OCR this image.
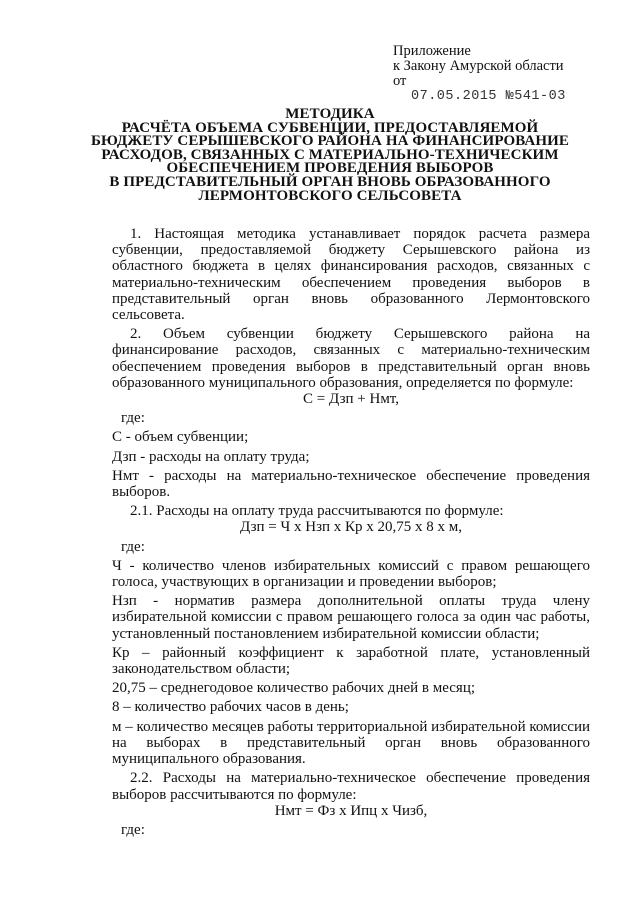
Приложение
к Закону Амурской области
от
07.05.2015 №541-03
МЕТОДИКА
РАСЧЁТА ОБЪЕМА СУБВЕНЦИИ, ПРЕДОСТАВЛЯЕМОЙ
БЮДЖЕТУ СЕРЫШЕВСКОГО РАЙОНА НА ФИНАНСИРОВАНИЕ
РАСХОДОВ, СВЯЗАННЫХ С МАТЕРИАЛЬНО-ТЕХНИЧЕСКИМ
ОБЕСПЕЧЕНИЕМ ПРОВЕДЕНИЯ ВЫБОРОВ
В ПРЕДСТАВИТЕЛЬНЫЙ ОРГАН ВНОВЬ ОБРАЗОВАННОГО
ЛЕРМОНТОВСКОГО СЕЛЬСОВЕТА

1. Настоящая методика устанавливает порядок расчета размера субвенции, предоставляемой бюджету Серышевского района из областного бюджета в целях финансирования расходов, связанных с материально-техническим обеспечением проведения выборов в представительный орган вновь образованного Лермонтовского сельсовета.

2. Объем субвенции бюджету Серышевского района на

финансирование расходов, связанных с материально-техническим

обеспечением проведения выборов в представительный орган вновь образованного муниципального образования, определяется по формуле:

С = Дзп + Нмт,

где:

С - объем субвенции;

Дзп - расходы на оплату труда;

Нмт - расходы на материально-техническое обеспечение проведения выборов.

2.1. Расходы на оплату труда рассчитываются по формуле:

Дзп = Ч х Нзп х Кр х 20,75 х 8 х м,

где:

Ч - количество членов избирательных комиссий с правом решающего голоса, участвующих в организации и проведении выборов;

Нзп - норматив размера дополнительной оплаты труда члену избирательной комиссии с правом решающего голоса за один час работы, установленный постановлением избирательной комиссии области;

Кр – районный коэффициент к заработной плате, установленный законодательством области;

20,75 – среднегодовое количество рабочих дней в месяц;

8 – количество рабочих часов в день;

м – количество месяцев работы территориальной избирательной комиссии на выборах в представительный орган вновь образованного муниципального образования.

2.2. Расходы на материально-техническое обеспечение проведения выборов рассчитываются по формуле:

Нмт = Фз х Ипц х Чизб,

где:
